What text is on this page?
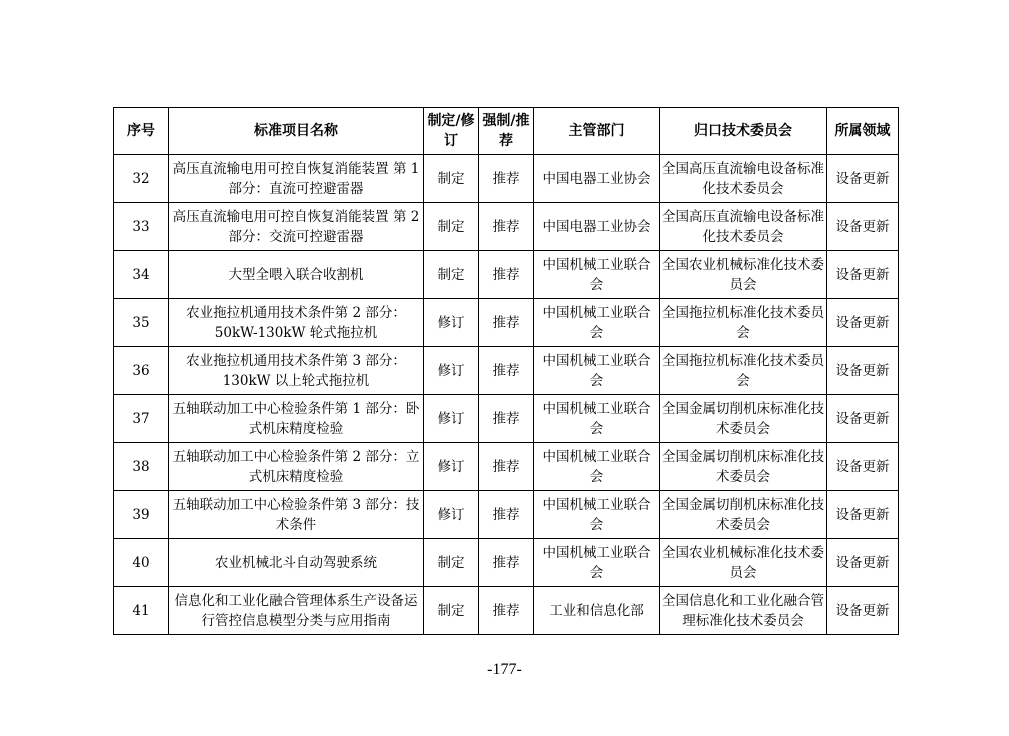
序号	标准项目名称	制定/修订	强制/推荐	主管部门	归口技术委员会	所属领域
32	高压直流输电用可控自恢复消能装置 第 1 部分：直流可控避雷器	制定	推荐	中国电器工业协会	全国高压直流输电设备标准化技术委员会	设备更新
33	高压直流输电用可控自恢复消能装置 第 2 部分：交流可控避雷器	制定	推荐	中国电器工业协会	全国高压直流输电设备标准化技术委员会	设备更新
34	大型全喂入联合收割机	制定	推荐	中国机械工业联合会	全国农业机械标准化技术委员会	设备更新
35	农业拖拉机通用技术条件第 2 部分：50kW-130kW 轮式拖拉机	修订	推荐	中国机械工业联合会	全国拖拉机标准化技术委员会	设备更新
36	农业拖拉机通用技术条件第 3 部分：130kW 以上轮式拖拉机	修订	推荐	中国机械工业联合会	全国拖拉机标准化技术委员会	设备更新
37	五轴联动加工中心检验条件第 1 部分：卧式机床精度检验	修订	推荐	中国机械工业联合会	全国金属切削机床标准化技术委员会	设备更新
38	五轴联动加工中心检验条件第 2 部分：立式机床精度检验	修订	推荐	中国机械工业联合会	全国金属切削机床标准化技术委员会	设备更新
39	五轴联动加工中心检验条件第 3 部分：技术条件	修订	推荐	中国机械工业联合会	全国金属切削机床标准化技术委员会	设备更新
40	农业机械北斗自动驾驶系统	制定	推荐	中国机械工业联合会	全国农业机械标准化技术委员会	设备更新
41	信息化和工业化融合管理体系生产设备运行管控信息模型分类与应用指南	制定	推荐	工业和信息化部	全国信息化和工业化融合管理标准化技术委员会	设备更新
-177-
